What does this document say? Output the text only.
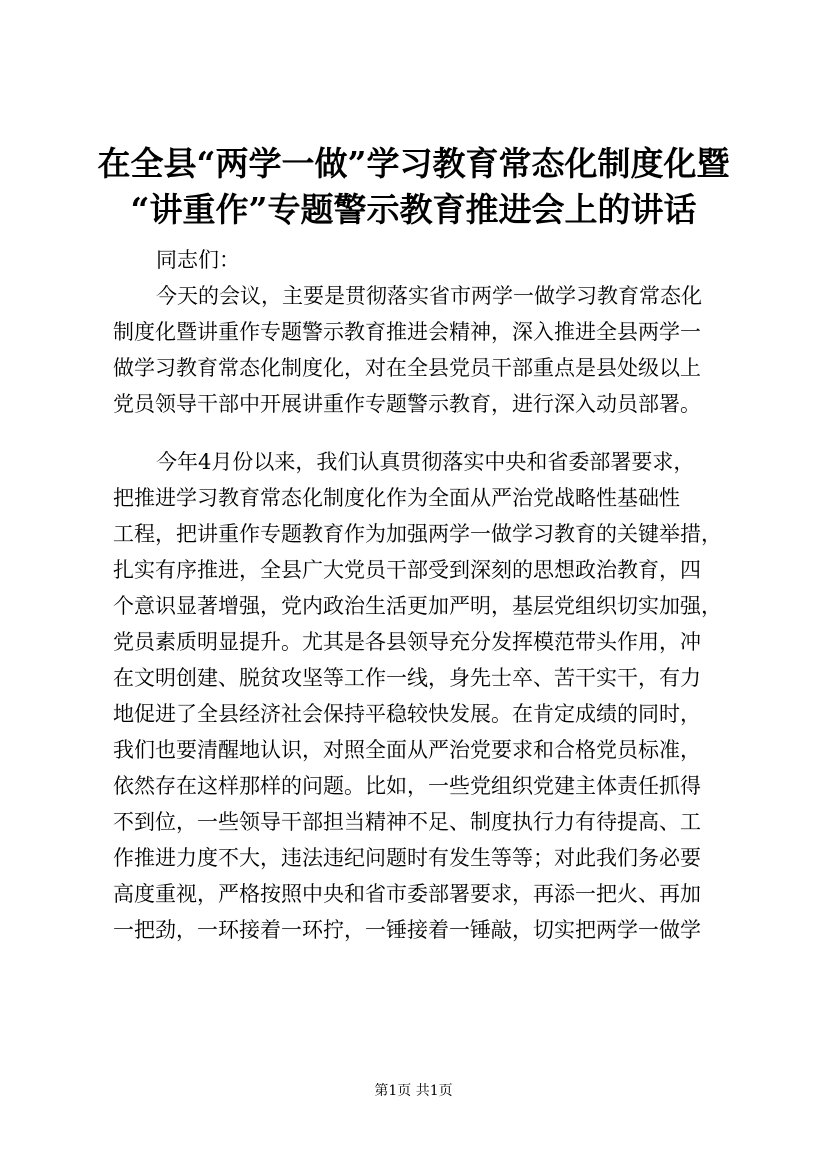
在全县“两学一做”学习教育常态化制度化暨
“讲重作”专题警示教育推进会上的讲话
同志们：
今天的会议，主要是贯彻落实省市两学一做学习教育常态化
制度化暨讲重作专题警示教育推进会精神，深入推进全县两学一
做学习教育常态化制度化，对在全县党员干部重点是县处级以上
党员领导干部中开展讲重作专题警示教育，进行深入动员部署。
今年4月份以来，我们认真贯彻落实中央和省委部署要求，
把推进学习教育常态化制度化作为全面从严治党战略性基础性
工程，把讲重作专题教育作为加强两学一做学习教育的关键举措，
扎实有序推进，全县广大党员干部受到深刻的思想政治教育，四
个意识显著增强，党内政治生活更加严明，基层党组织切实加强，
党员素质明显提升。尤其是各县领导充分发挥模范带头作用，冲
在文明创建、脱贫攻坚等工作一线，身先士卒、苦干实干，有力
地促进了全县经济社会保持平稳较快发展。在肯定成绩的同时，
我们也要清醒地认识，对照全面从严治党要求和合格党员标准，
依然存在这样那样的问题。比如，一些党组织党建主体责任抓得
不到位，一些领导干部担当精神不足、制度执行力有待提高、工
作推进力度不大，违法违纪问题时有发生等等；对此我们务必要
高度重视，严格按照中央和省市委部署要求，再添一把火、再加
一把劲，一环接着一环拧，一锤接着一锤敲，切实把两学一做学
第1页 共1页
